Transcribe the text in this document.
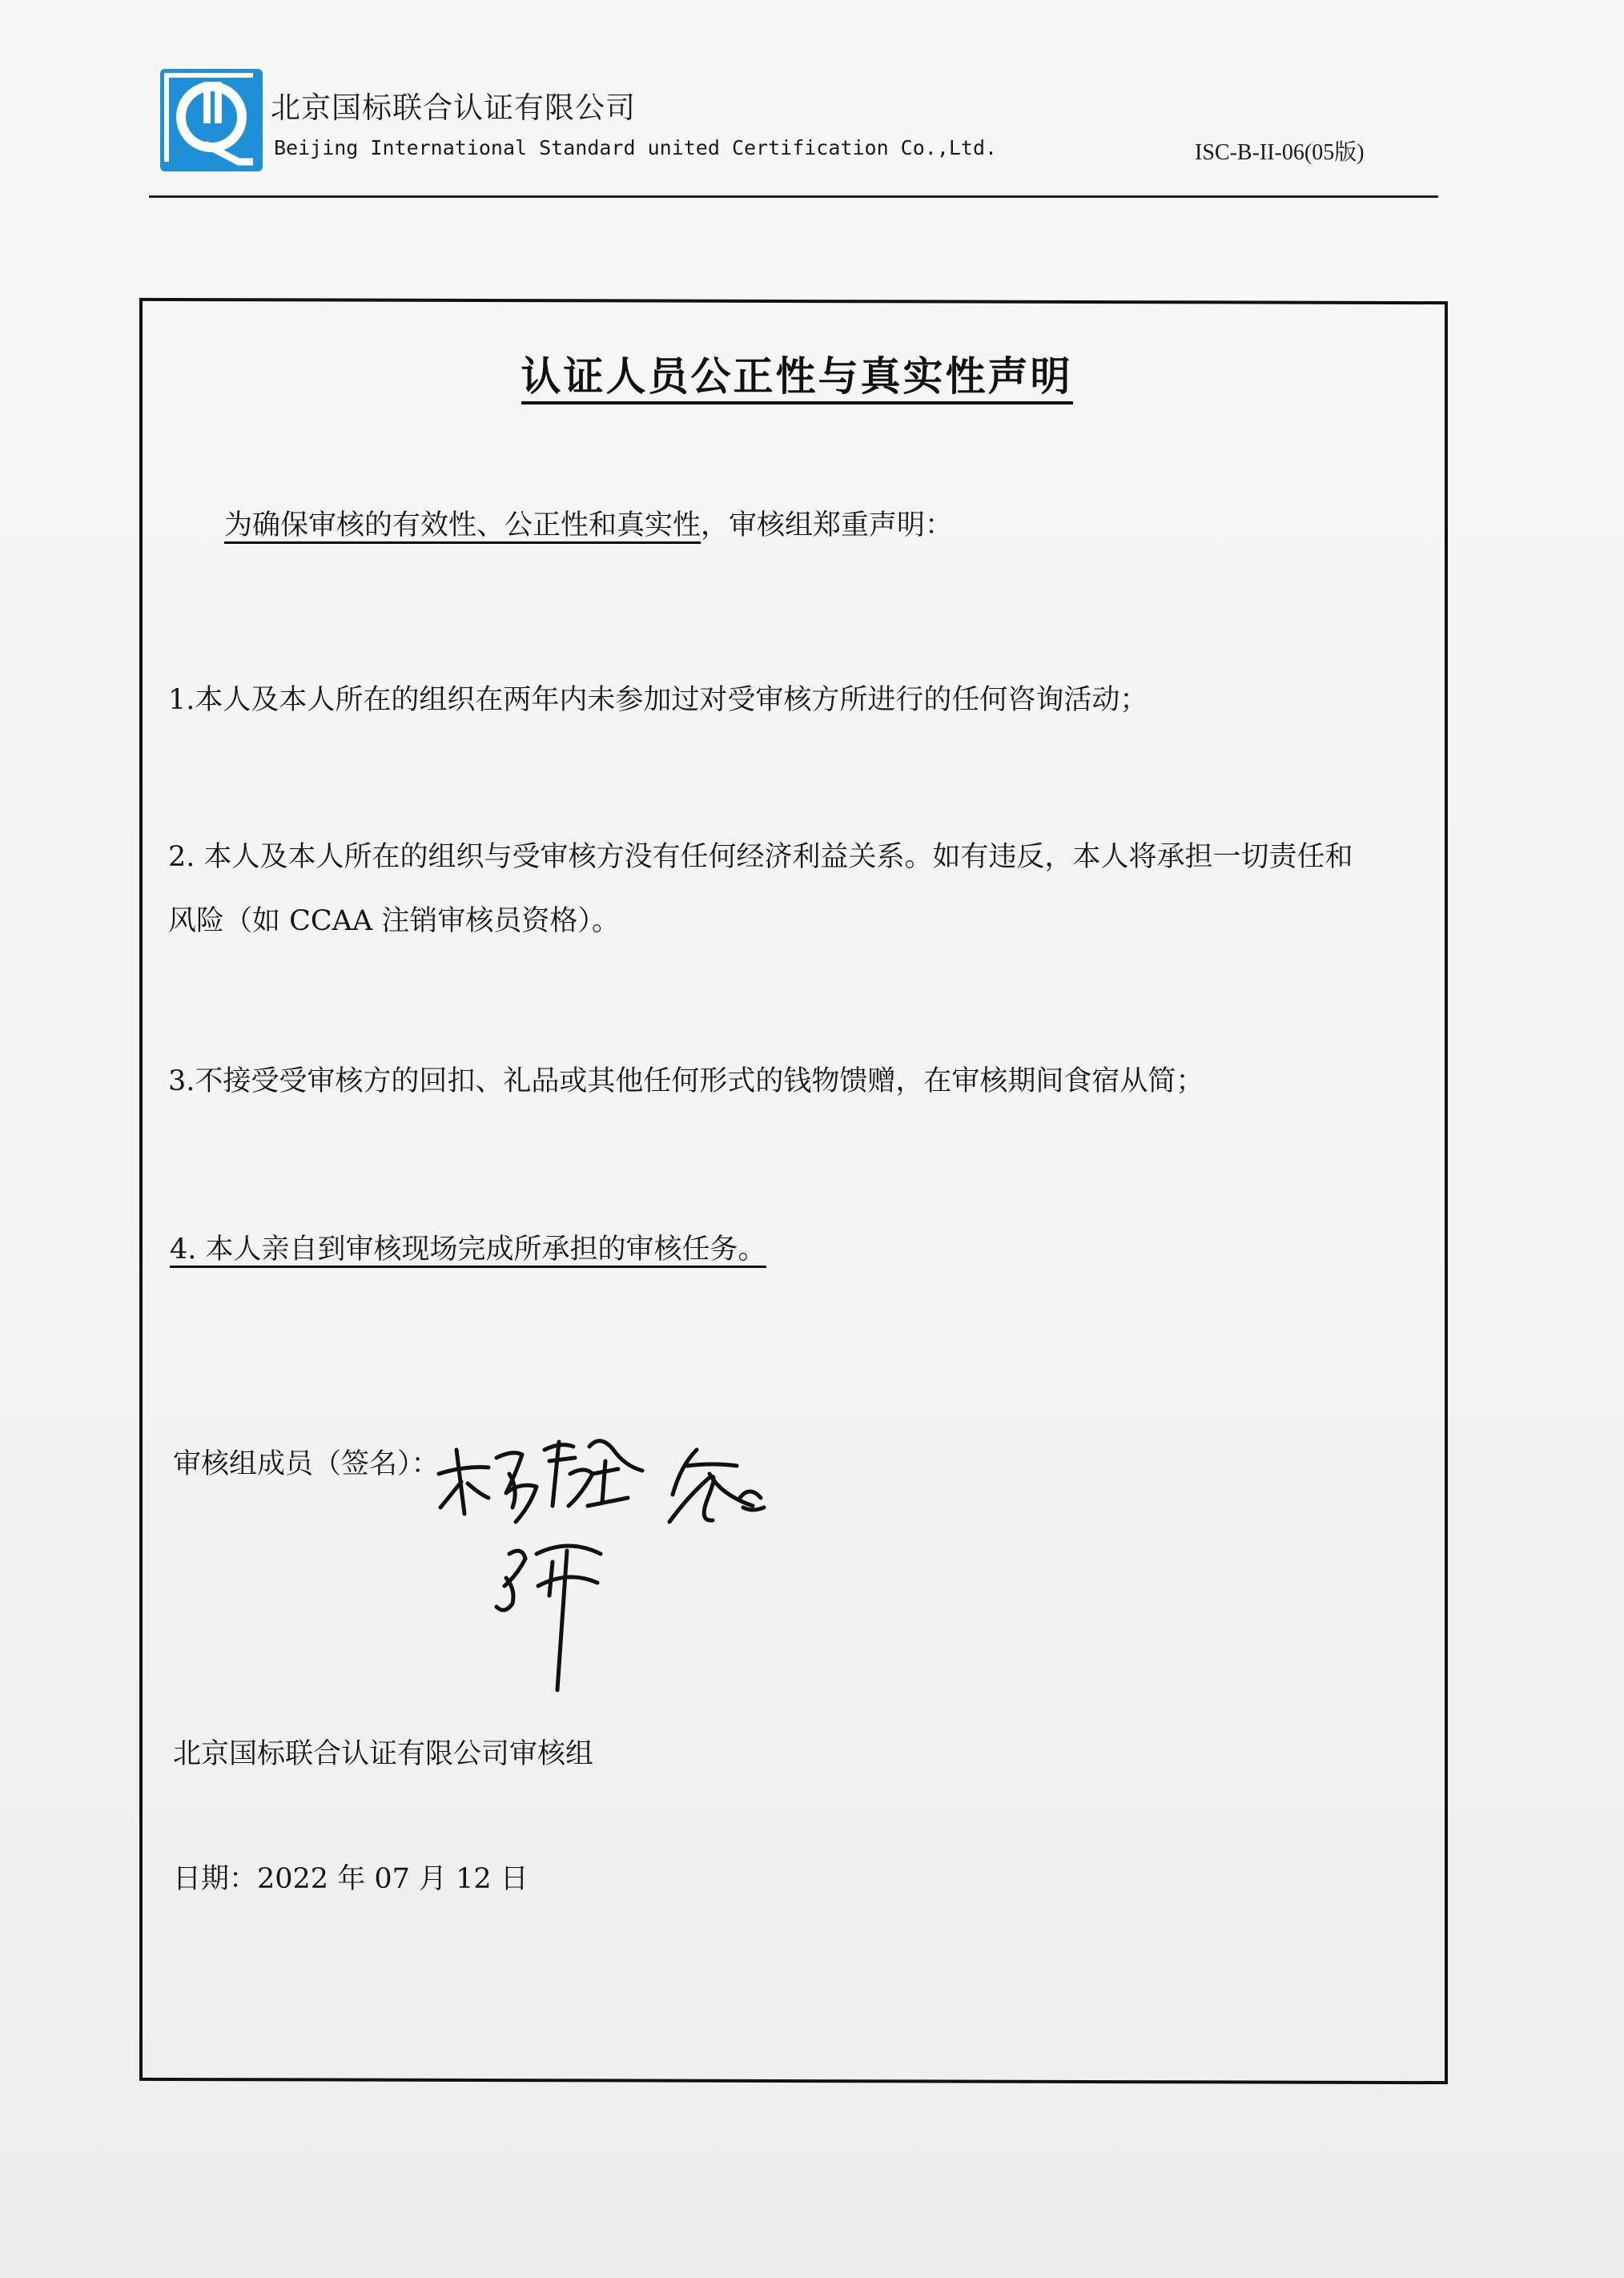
北京国标联合认证有限公司
Beijing International Standard united Certification Co.,Ltd.	ISC-B-II-06(05版)
认证人员公正性与真实性声明
为确保审核的有效性、公正性和真实性，审核组郑重声明：
1.本人及本人所在的组织在两年内未参加过对受审核方所进行的任何咨询活动；
2. 本人及本人所在的组织与受审核方没有任何经济利益关系。如有违反，本人将承担一切责任和
风险（如 CCAA 注销审核员资格）。
3.不接受受审核方的回扣、礼品或其他任何形式的钱物馈赠，在审核期间食宿从简；
4. 本人亲自到审核现场完成所承担的审核任务。
审核组成员（签名）：
北京国标联合认证有限公司审核组
日期：2022 年 07 月 12 日
